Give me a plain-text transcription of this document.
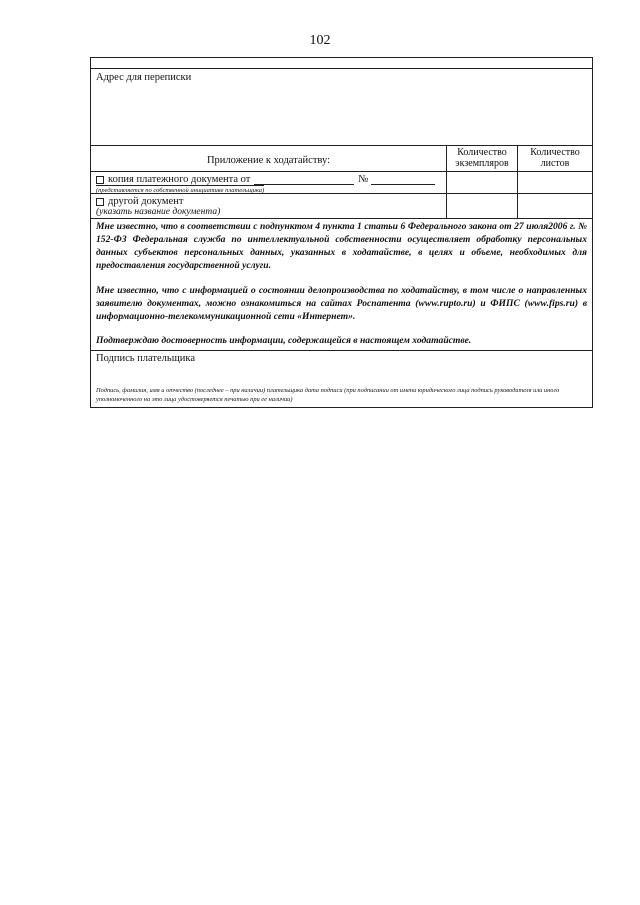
102
Адрес для переписки
Приложение к ходатайству:
Количество экземпляров
Количество листов
копия платежного документа от	№
(представляется по собственной инициативе плательщика)
другой документ
(указать название документа)

Мне известно, что в соответствии с подпунктом 4 пункта 1 статьи 6 Федерального закона от 27 июля2006 г. № 152-ФЗ Федеральная служба по интеллектуальной собственности осуществляет обработку персональных данных субъектов персональных данных, указанных в ходатайстве, в целях и объеме, необходимых для предоставления государственной услуги.

Мне известно, что с информацией о состоянии делопроизводства по ходатайству, в том числе о направленных заявителю документах, можно ознакомиться на сайтах Роспатента (www.rupto.ru) и ФИПС (www.fips.ru) в информационно-телекоммуникационной сети «Интернет».

Подтверждаю достоверность информации, содержащейся в настоящем ходатайстве.

Подпись плательщика
Подпись, фамилия, имя и отчество (последнее – при наличии) плательщика дата подписи (при подписании от имени юридического лица подпись руководителя или иного уполномоченного на это лица удостоверяется печатью при ее наличии)
